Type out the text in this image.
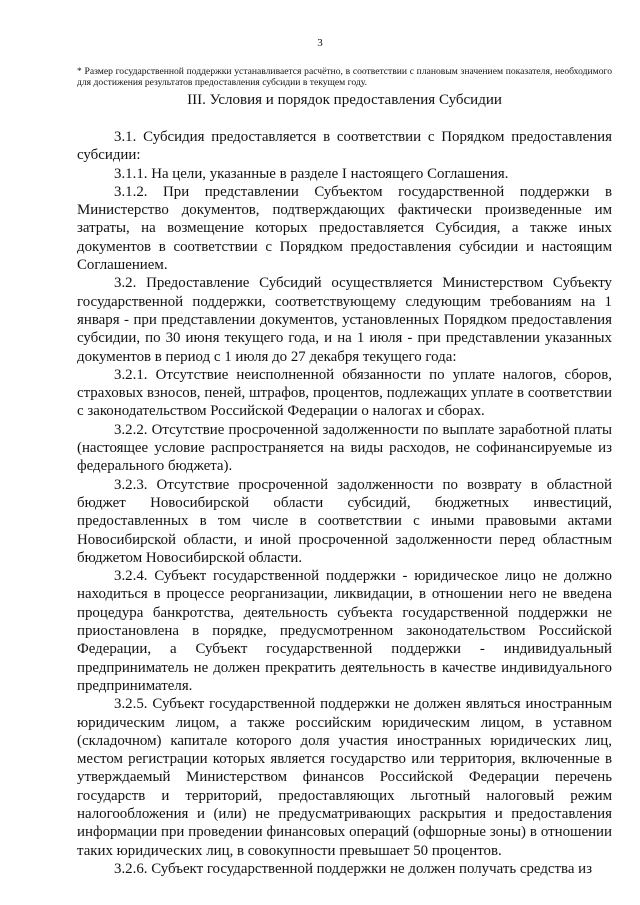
3
* Размер государственной поддержки устанавливается расчётно, в соответствии с плановым значением показателя, необходимого для достижения результатов предоставления субсидии в текущем году.
III. Условия и порядок предоставления Субсидии

3.1. Субсидия предоставляется в соответствии с Порядком предоставления субсидии:

3.1.1. На цели, указанные в разделе I настоящего Соглашения.

3.1.2. При представлении Субъектом государственной поддержки в Министерство документов, подтверждающих фактически произведенные им затраты, на возмещение которых предоставляется Субсидия, а также иных документов в соответствии с Порядком предоставления субсидии и настоящим Соглашением.

3.2. Предоставление Субсидий осуществляется Министерством Субъекту государственной поддержки, соответствующему следующим требованиям на 1 января - при представлении документов, установленных Порядком предоставления субсидии, по 30 июня текущего года, и на 1 июля - при представлении указанных документов в период с 1 июля до 27 декабря текущего года:

3.2.1. Отсутствие неисполненной обязанности по уплате налогов, сборов, страховых взносов, пеней, штрафов, процентов, подлежащих уплате в соответствии с законодательством Российской Федерации о налогах и сборах.

3.2.2. Отсутствие просроченной задолженности по выплате заработной платы (настоящее условие распространяется на виды расходов, не софинансируемые из федерального бюджета).

3.2.3. Отсутствие просроченной задолженности по возврату в областной бюджет Новосибирской области субсидий, бюджетных инвестиций, предоставленных в том числе в соответствии с иными правовыми актами Новосибирской области, и иной просроченной задолженности перед областным бюджетом Новосибирской области.

3.2.4. Субъект государственной поддержки - юридическое лицо не должно находиться в процессе реорганизации, ликвидации, в отношении него не введена процедура банкротства, деятельность субъекта государственной поддержки не приостановлена в порядке, предусмотренном законодательством Российской Федерации, а Субъект государственной поддержки - индивидуальный предприниматель не должен прекратить деятельность в качестве индивидуального предпринимателя.

3.2.5. Субъект государственной поддержки не должен являться иностранным юридическим лицом, а также российским юридическим лицом, в уставном (складочном) капитале которого доля участия иностранных юридических лиц, местом регистрации которых является государство или территория, включенные в утверждаемый Министерством финансов Российской Федерации перечень государств и территорий, предоставляющих льготный налоговый режим налогообложения и (или) не предусматривающих раскрытия и предоставления информации при проведении финансовых операций (офшорные зоны) в отношении таких юридических лиц, в совокупности превышает 50 процентов.

3.2.6. Субъект государственной поддержки не должен получать средства из
